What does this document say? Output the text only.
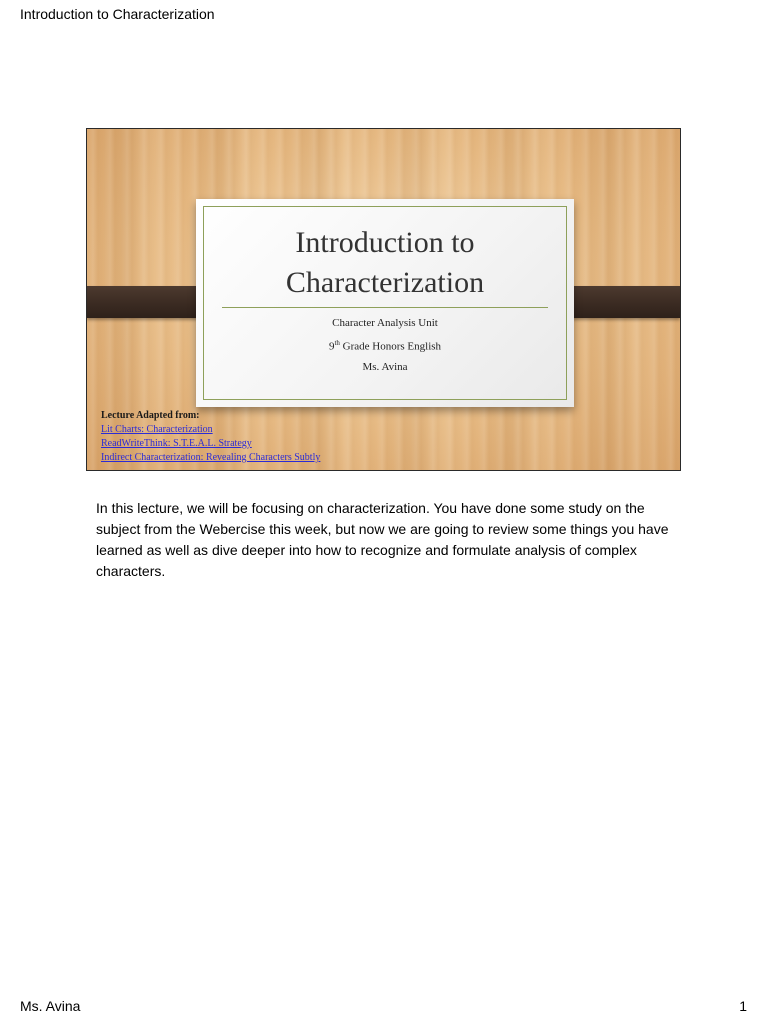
Introduction to Characterization
Introduction to
Characterization
Character Analysis Unit
9th Grade Honors English
Ms. Avina
Lecture Adapted from:
Lit Charts: Characterization
ReadWriteThink: S.T.E.A.L. Strategy
Indirect Characterization: Revealing Characters Subtly
In this lecture, we will be focusing on characterization. You have done some study on the subject from the Webercise this week, but now we are going to review some things you have learned as well as dive deeper into how to recognize and formulate analysis of complex characters.
Ms. Avina	1
